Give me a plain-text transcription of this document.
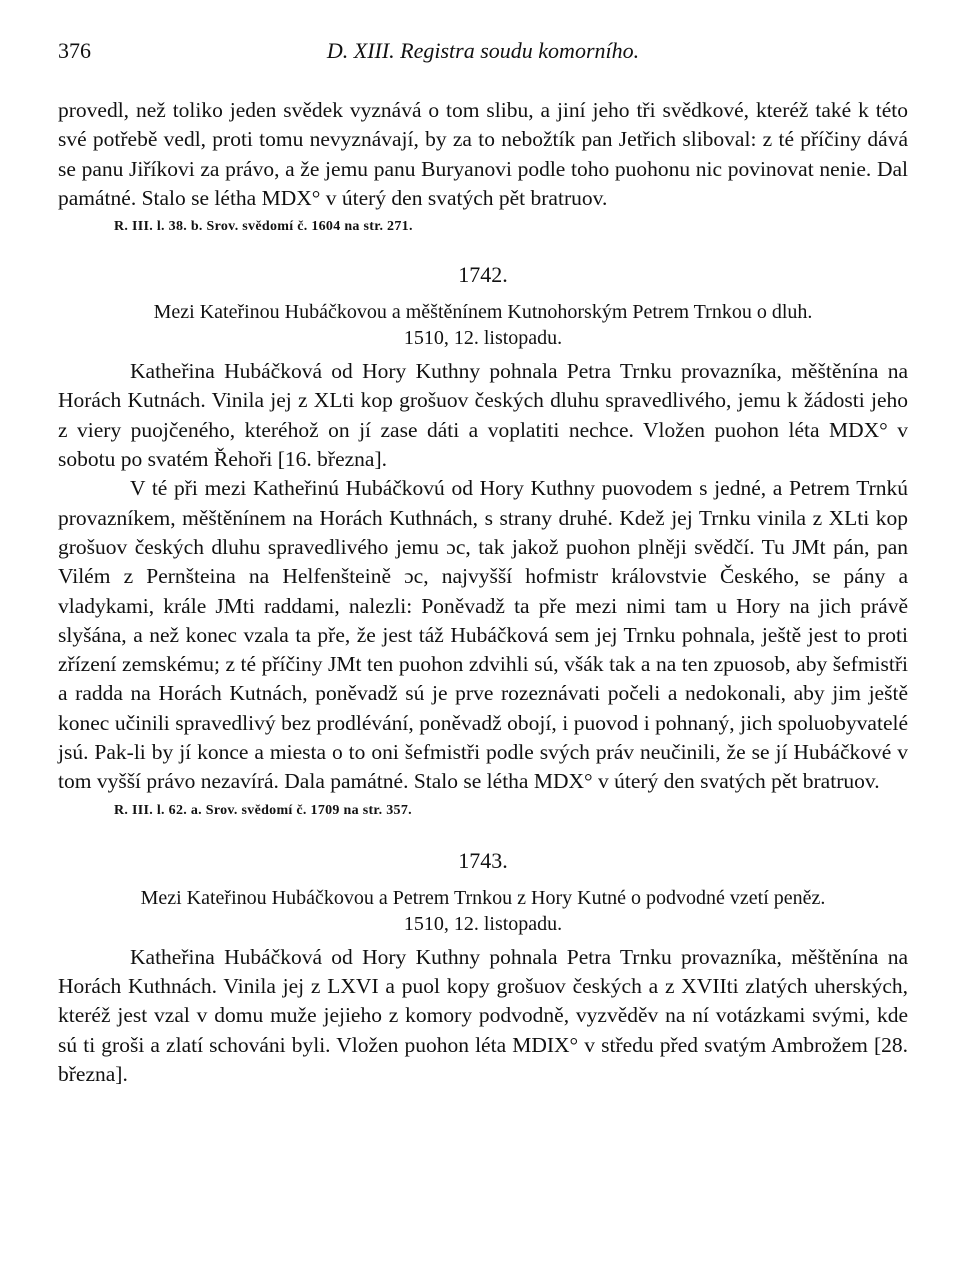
376	D. XIII. Registra soudu komorního.

provedl, než toliko jeden svědek vyznává o tom slibu, a jiní jeho tři svědkové, kteréž také k této své potřebě vedl, proti tomu nevyznávají, by za to nebožtík pan Jetřich sliboval: z té příčiny dává se panu Jiříkovi za právo, a že jemu panu Buryanovi podle toho puohonu nic povinovat nenie. Dal památné. Stalo se létha MDX° v úterý den svatých pět bratruov.

R. III. l. 38. b. Srov. svědomí č. 1604 na str. 271.
1742.
Mezi Kateřinou Hubáčkovou a měštěnínem Kutnohorským Petrem Trnkou o dluh.
1510, 12. listopadu.

Katheřina Hubáčková od Hory Kuthny pohnala Petra Trnku provazníka, měštěnína na Horách Kutnách. Vinila jej z XLti kop grošuov českých dluhu spravedlivého, jemu k žádosti jeho z viery puojčeného, kteréhož on jí zase dáti a voplatiti nechce. Vložen puohon léta MDX° v sobotu po svatém Řehoři [16. března].

V té při mezi Katheřinú Hubáčkovú od Hory Kuthny puovodem s jedné, a Petrem Trnkú provazníkem, měštěnínem na Horách Kuthnách, s strany druhé. Kdež jej Trnku vinila z XLti kop grošuov českých dluhu spravedlivého jemu ɔc, tak jakož puohon plněji svědčí. Tu JMt pán, pan Vilém z Pernšteina na Helfenšteině ɔc, najvyšší hofmistr královstvie Českého, se pány a vladykami, krále JMti raddami, nalezli: Poněvadž ta pře mezi nimi tam u Hory na jich právě slyšána, a než konec vzala ta pře, že jest táž Hubáčková sem jej Trnku pohnala, ještě jest to proti zřízení zemskému; z té příčiny JMt ten puohon zdvihli sú, všák tak a na ten zpuosob, aby šefmistři a radda na Horách Kutnách, poněvadž sú je prve rozeznávati počeli a nedokonali, aby jim ještě konec učinili spravedlivý bez prodlévání, poněvadž obojí, i puovod i pohnaný, jich spoluobyvatelé jsú. Pak-li by jí konce a miesta o to oni šefmistři podle svých práv neučinili, že se jí Hubáčkové v tom vyšší právo nezavírá. Dala památné. Stalo se létha MDX° v úterý den svatých pět bratruov.

R. III. l. 62. a. Srov. svědomí č. 1709 na str. 357.
1743.
Mezi Kateřinou Hubáčkovou a Petrem Trnkou z Hory Kutné o podvodné vzetí peněz.
1510, 12. listopadu.

Katheřina Hubáčková od Hory Kuthny pohnala Petra Trnku provazníka, měštěnína na Horách Kuthnách. Vinila jej z LXVI a puol kopy grošuov českých a z XVIIti zlatých uherských, kteréž jest vzal v domu muže jejieho z komory podvodně, vyzvěděv na ní votázkami svými, kde sú ti groši a zlatí schováni byli. Vložen puohon léta MDIX° v středu před svatým Ambrožem [28. března].
